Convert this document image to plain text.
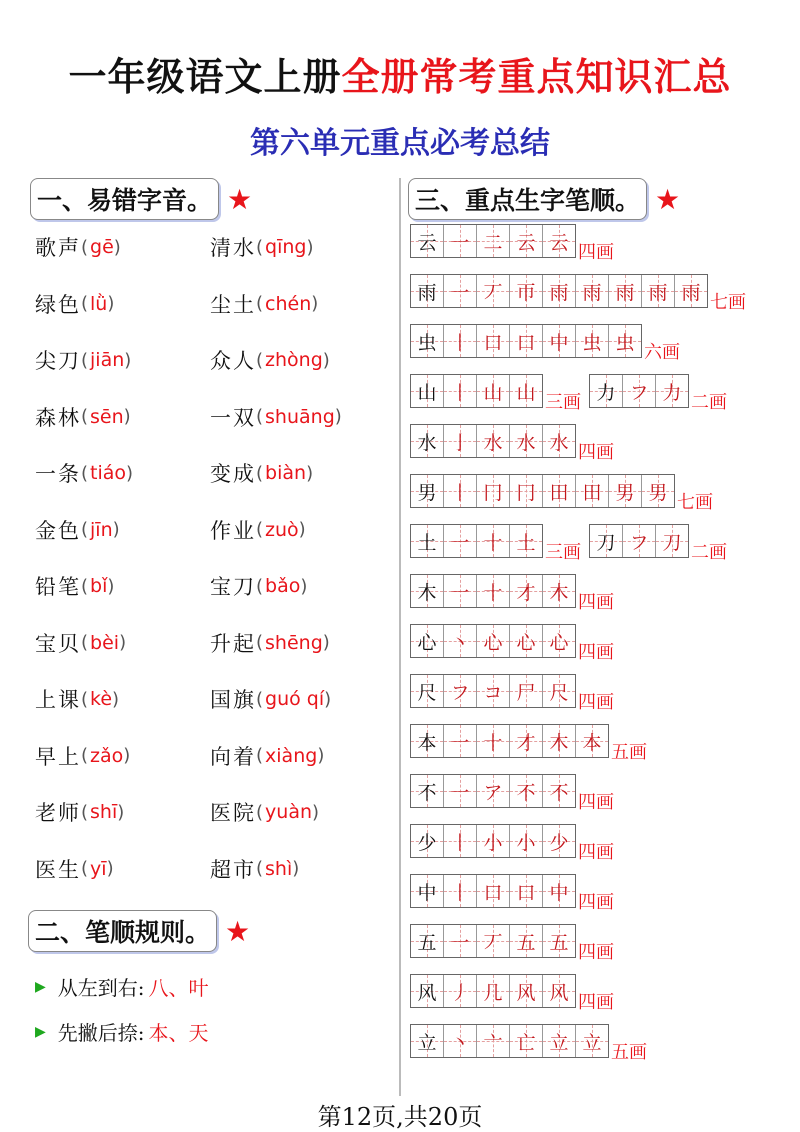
一年级语文上册全册常考重点知识汇总
第六单元重点必考总结
一、易错字音。 ★
歌声 ( gē )	清水 ( qīng )
绿色 ( lǜ )	尘土 ( chén )
尖刀 ( jiān )	众人 ( zhòng )
森林 ( sēn )	一双 ( shuāng )
一条 ( tiáo )	变成 ( biàn )
金色 ( jīn )	作业 ( zuò )
铅笔 ( bǐ )	宝刀 ( bǎo )
宝贝 ( bèi )	升起 ( shēng )
上课 ( kè )	国旗 ( guó qí )
早上 ( zǎo )	向着 ( xiàng )
老师 ( shī )	医院 ( yuàn )
医生 ( yī )	超市 ( shì )
二、笔顺规则。 ★
▶ 从左到右: 八、叶
▶ 先撇后捺: 本、天
三、重点生字笔顺。 ★
云 一 二 云 云 四画
雨 一 丆 帀 雨 雨 雨 雨 雨 七画
虫 丨 口 口 中 虫 虫 六画
山 丨 山 山 三画 力 フ 力 二画
水 亅 水 水 水 四画
男 丨 冂 冂 田 田 男 男 七画
土 一 十 土 三画 刀 フ 刀 二画
木 一 十 才 木 四画
心 丶 心 心 心 四画
尺 フ コ 尸 尺 四画
本 一 十 才 木 本 五画
不 一 ア 不 不 四画
少 丨 小 小 少 四画
中 丨 口 口 中 四画
五 一 丆 五 五 四画
风 丿 几 风 风 四画
立 丶 亠 亡 立 立 五画
第12页,共20页
